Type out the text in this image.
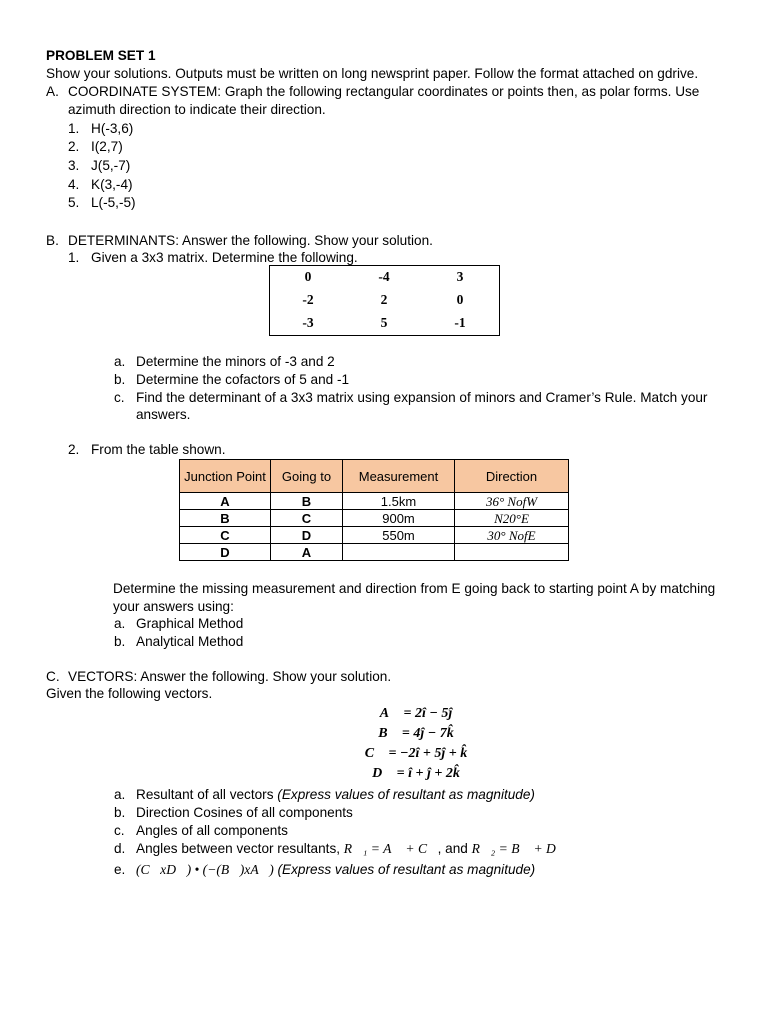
PROBLEM SET 1
Show your solutions. Outputs must be written on long newsprint paper. Follow the format attached on gdrive.
A. COORDINATE SYSTEM: Graph the following rectangular coordinates or points then, as polar forms. Use
azimuth direction to indicate their direction.
1. H(-3,6)
2. I(2,7)
3. J(5,-7)
4. K(3,-4)
5. L(-5,-5)
B. DETERMINANTS: Answer the following. Show your solution.
1. Given a 3x3 matrix. Determine the following.
0	-4	3
-2	2	0
-3	5	-1
a. Determine the minors of -3 and 2
b. Determine the cofactors of 5 and -1
c. Find the determinant of a 3x3 matrix using expansion of minors and Cramer’s Rule. Match your
answers.
2. From the table shown.
Junction Point	Going to	Measurement	Direction
A	B	1.5km	36° NofW
B	C	900m	N20°E
C	D	550m	30° NofE
D	A		
Determine the missing measurement and direction from E going back to starting point A by matching
your answers using:
a. Graphical Method
b. Analytical Method
C. VECTORS: Answer the following. Show your solution.
Given the following vectors.
A⃗ = 2î − 5ĵ
B⃗ = 4ĵ − 7k̂
C⃗ = −2î + 5ĵ + k̂
D⃗ = î + ĵ + 2k̂
a. Resultant of all vectors (Express values of resultant as magnitude)
b. Direction Cosines of all components
c. Angles of all components
d. Angles between vector resultants, R⃗₁ = A⃗ + C⃗, and R⃗₂ = B⃗ + D⃗
e. (C⃗xD⃗) • (−(B⃗)xA⃗) (Express values of resultant as magnitude)
